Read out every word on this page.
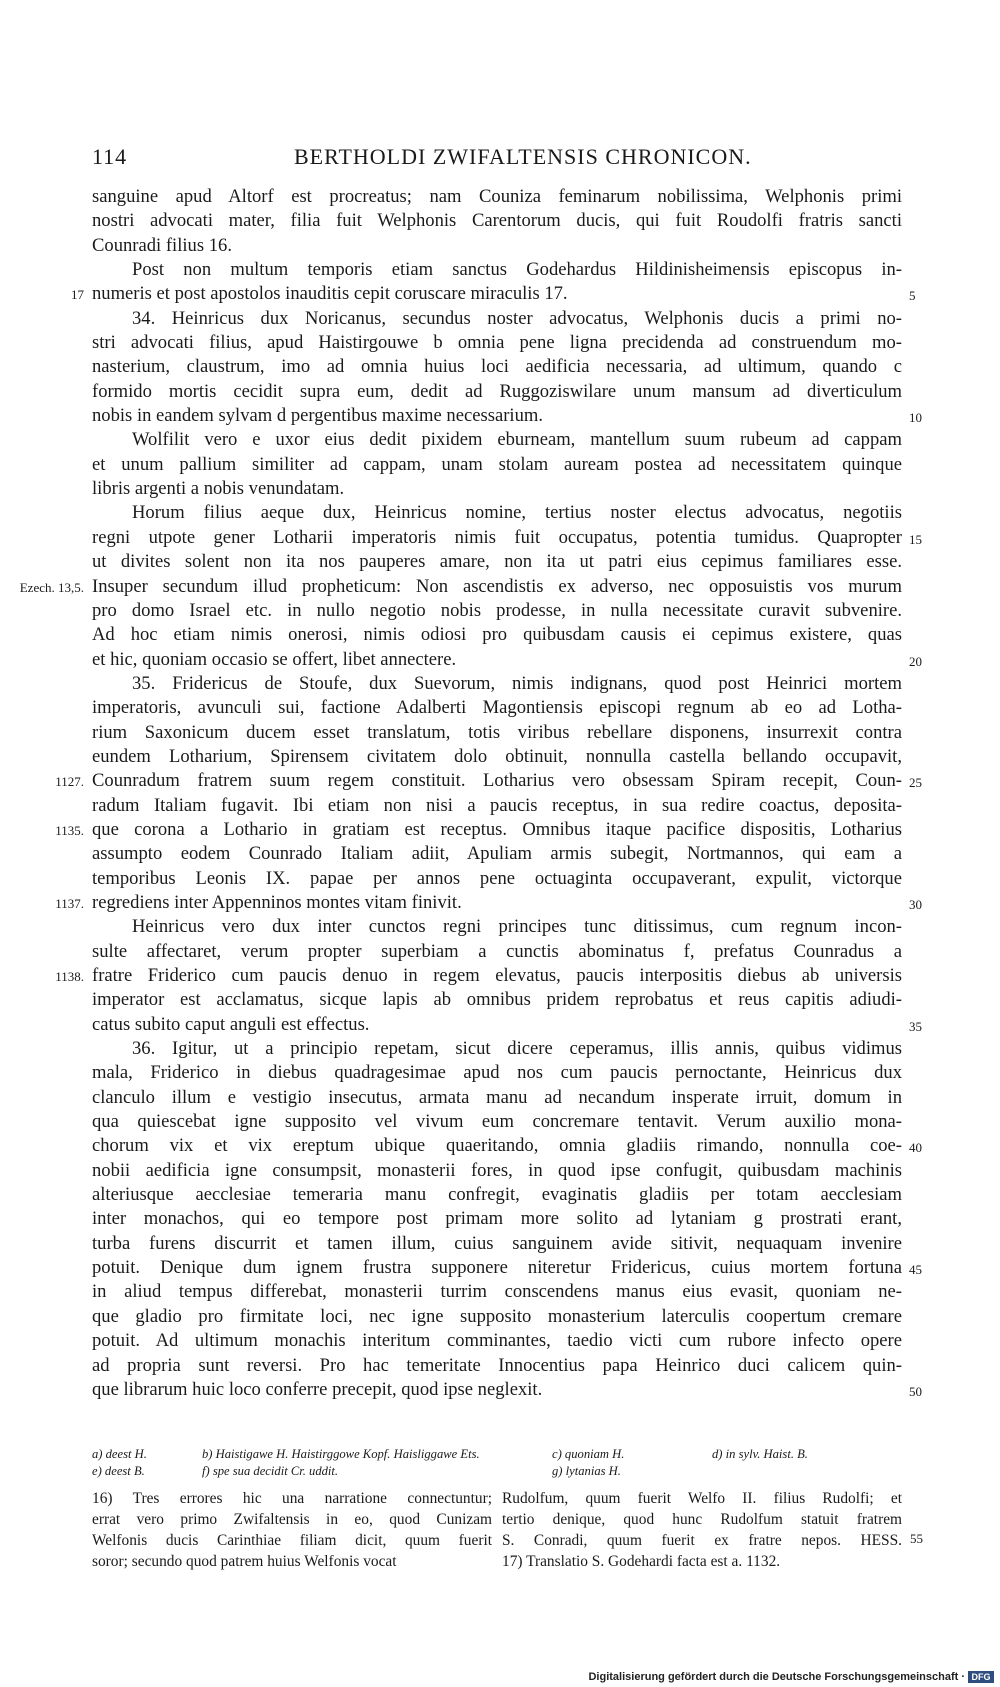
114	BERTHOLDI ZWIFALTENSIS CHRONICON.
sanguine apud Altorf est procreatus; nam Couniza feminarum nobilissima, Welphonis primi
nostri advocati mater, filia fuit Welphonis Carentorum ducis, qui fuit Roudolfi fratris sancti
Counradi filius 16.
Post non multum temporis etiam sanctus Godehardus Hildinisheimensis episcopus in-
numeris et post apostolos inauditis cepit coruscare miraculis 17.
17	5
34. Heinricus dux Noricanus, secundus noster advocatus, Welphonis ducis a primi no-
stri advocati filius, apud Haistirgouwe b omnia pene ligna precidenda ad construendum mo-
nasterium, claustrum, imo ad omnia huius loci aedificia necessaria, ad ultimum, quando c
formido mortis cecidit supra eum, dedit ad Ruggoziswilare unum mansum ad diverticulum
nobis in eandem sylvam d pergentibus maxime necessarium.	10
Wolfilit vero e uxor eius dedit pixidem eburneam, mantellum suum rubeum ad cappam
et unum pallium similiter ad cappam, unam stolam auream postea ad necessitatem quinque
libris argenti a nobis venundatam.
Horum filius aeque dux, Heinricus nomine, tertius noster electus advocatus, negotiis
regni utpote gener Lotharii imperatoris nimis fuit occupatus, potentia tumidus. Quapropter 15
ut divites solent non ita nos pauperes amare, non ita ut patri eius cepimus familiares esse.
Insuper secundum illud propheticum: Non ascendistis ex adverso, nec opposuistis vos murum
Ezech. 13,5.
pro domo Israel etc. in nullo negotio nobis prodesse, in nulla necessitate curavit subvenire.
Ad hoc etiam nimis onerosi, nimis odiosi pro quibusdam causis ei cepimus existere, quas
et hic, quoniam occasio se offert, libet annectere.	20
35. Fridericus de Stoufe, dux Suevorum, nimis indignans, quod post Heinrici mortem
imperatoris, avunculi sui, factione Adalberti Magontiensis episcopi regnum ab eo ad Lotha-
rium Saxonicum ducem esset translatum, totis viribus rebellare disponens, insurrexit contra
eundem Lotharium, Spirensem civitatem dolo obtinuit, nonnulla castella bellando occupavit,
Counradum fratrem suum regem constituit. Lotharius vero obsessam Spiram recepit, Coun-
1127.	25
radum Italiam fugavit. Ibi etiam non nisi a paucis receptus, in sua redire coactus, deposita-
que corona a Lothario in gratiam est receptus. Omnibus itaque pacifice dispositis, Lotharius
1135.
assumpto eodem Counrado Italiam adiit, Apuliam armis subegit, Nortmannos, qui eam a
temporibus Leonis IX. papae per annos pene octuaginta occupaverant, expulit, victorque
regrediens inter Appenninos montes vitam finivit.
1137.	30
Heinricus vero dux inter cunctos regni principes tunc ditissimus, cum regnum incon-
sulte affectaret, verum propter superbiam a cunctis abominatus f, prefatus Counradus a
fratre Friderico cum paucis denuo in regem elevatus, paucis interpositis diebus ab universis
1138.
imperator est acclamatus, sicque lapis ab omnibus pridem reprobatus et reus capitis adiudi-
catus subito caput anguli est effectus.	35
36. Igitur, ut a principio repetam, sicut dicere ceperamus, illis annis, quibus vidimus
mala, Friderico in diebus quadragesimae apud nos cum paucis pernoctante, Heinricus dux
clanculo illum e vestigio insecutus, armata manu ad necandum insperate irruit, domum in
qua quiescebat igne supposito vel vivum eum concremare tentavit. Verum auxilio mona-
chorum vix et vix ereptum ubique quaeritando, omnia gladiis rimando, nonnulla coe- 40
nobii aedificia igne consumpsit, monasterii fores, in quod ipse confugit, quibusdam machinis
alteriusque aecclesiae temeraria manu confregit, evaginatis gladiis per totam aecclesiam
inter monachos, qui eo tempore post primam more solito ad lytaniam g prostrati erant,
turba furens discurrit et tamen illum, cuius sanguinem avide sitivit, nequaquam invenire
potuit. Denique dum ignem frustra supponere niteretur Fridericus, cuius mortem fortuna 45
in aliud tempus differebat, monasterii turrim conscendens manus eius evasit, quoniam ne-
que gladio pro firmitate loci, nec igne supposito monasterium laterculis coopertum cremare
potuit. Ad ultimum monachis interitum comminantes, taedio victi cum rubore infecto opere
ad propria sunt reversi. Pro hac temeritate Innocentius papa Heinrico duci calicem quin-
que librarum huic loco conferre precepit, quod ipse neglexit.	50
a) deest H.	b) Haistigawe H. Haistirggowe Kopf. Haisliggawe Ets.	c) quoniam H.	d) in sylv. Haist. B.
e) deest B.	f) spe sua decidit Cr. uddit.	g) lytanias H.
16) Tres errores hic una narratione connectuntur;
errat vero primo Zwifaltensis in eo, quod Cunizam
Welfonis ducis Carinthiae filiam dicit, quum fuerit
soror; secundo quod patrem huius Welfonis vocat
Rudolfum, quum fuerit Welfo II. filius Rudolfi; et
tertio denique, quod hunc Rudolfum statuit fratrem
S. Conradi, quum fuerit ex fratre nepos. HESS.
17) Translatio S. Godehardi facta est a. 1132.
55
Digitalisierung gefördert durch die Deutsche Forschungsgemeinschaft · DFG
